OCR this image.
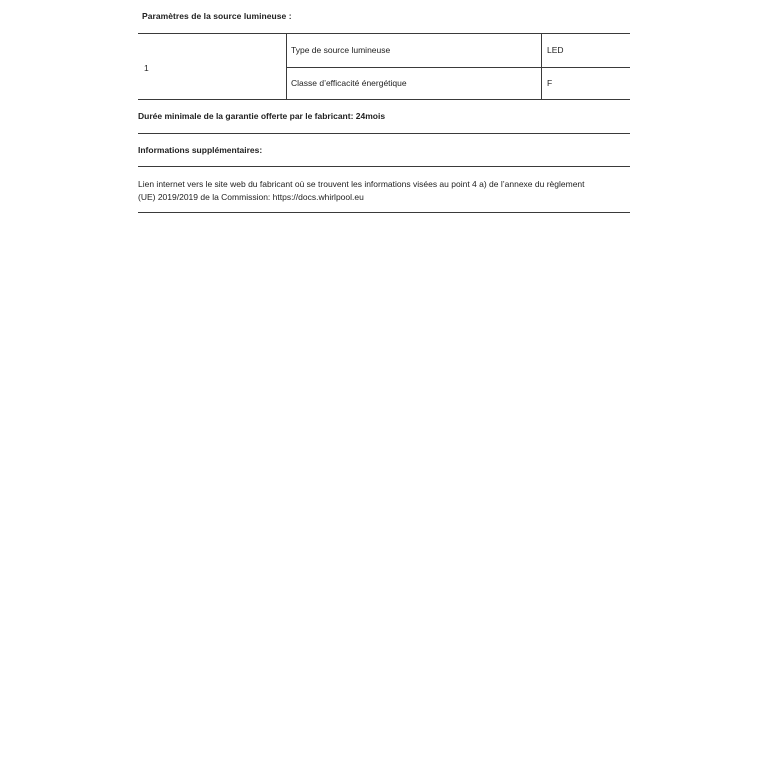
Paramètres de la source lumineuse :
1
Type de source lumineuse	LED
Classe d’efficacité énergétique	F
Durée minimale de la garantie offerte par le fabricant: 24mois
Informations supplémentaires:
Lien internet vers le site web du fabricant où se trouvent les informations visées au point 4 a) de l’annexe du règlement
(UE) 2019/2019 de la Commission: https://docs.whirlpool.eu
